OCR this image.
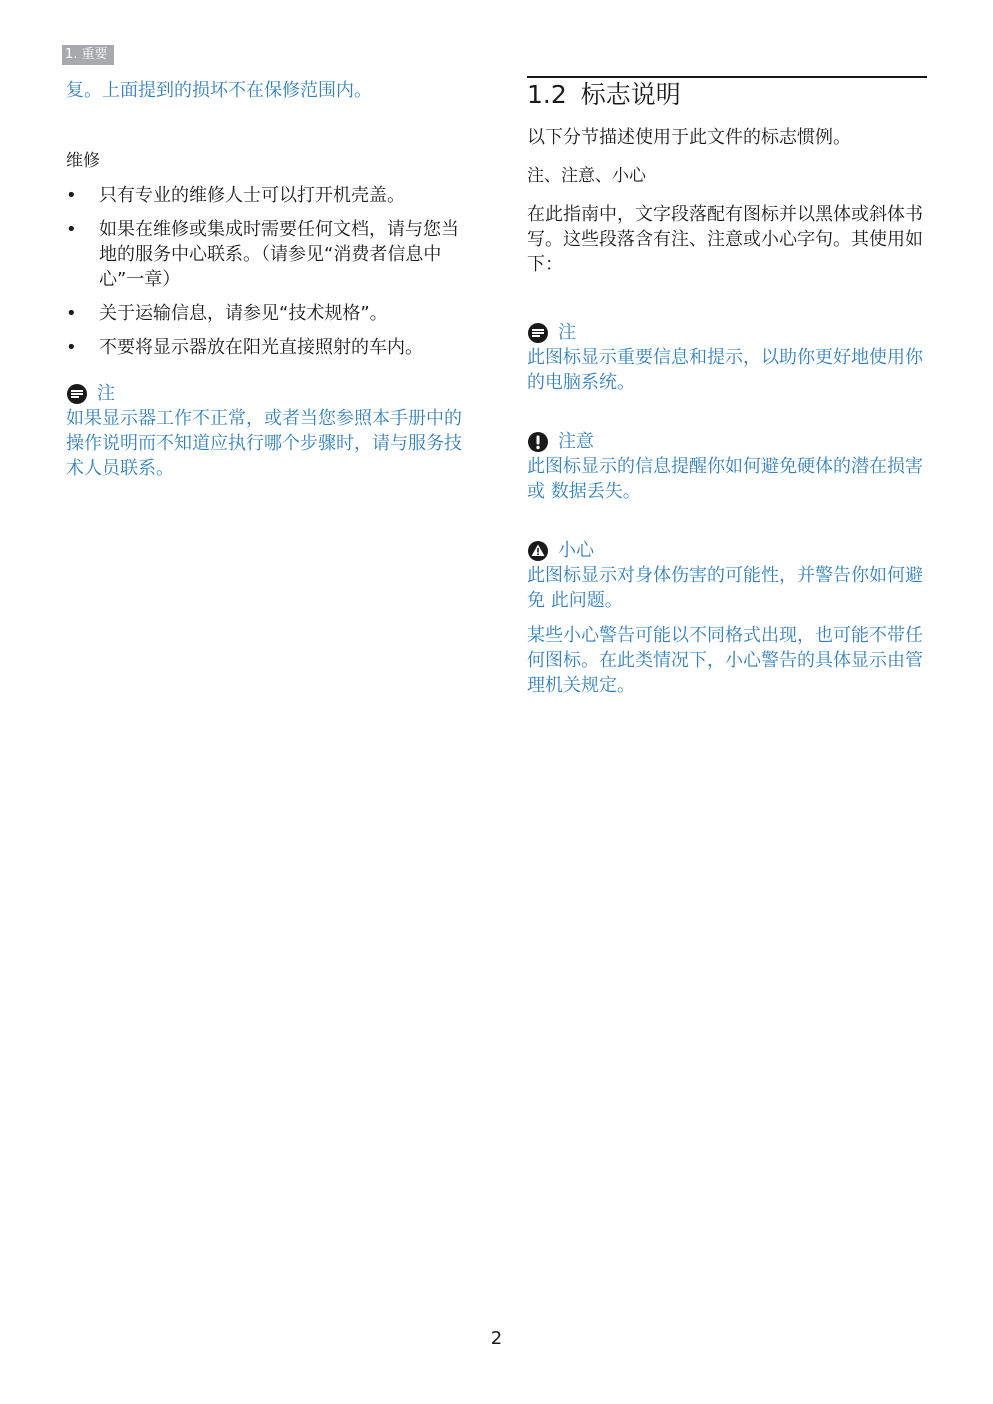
1. 重要

复。上面提到的损坏不在保修范围内。

维修

• 只有专业的维修人士可以打开机壳盖。
• 如果在维修或集成时需要任何文档，请与您当地的服务中心联系。（请参见“消费者信息中心”一章）
• 关于运输信息，请参见“技术规格”。
• 不要将显示器放在阳光直接照射的车内。
注

如果显示器工作不正常，或者当您参照本手册中的操作说明而不知道应执行哪个步骤时，请与服务技术人员联系。

1.2 标志说明

以下分节描述使用于此文件的标志惯例。

注、注意、小心

在此指南中，文字段落配有图标并以黑体或斜体书写。这些段落含有注、注意或小心字句。其使用如下：

注

此图标显示重要信息和提示，以助你更好地使用你 的电脑系统。

注意

此图标显示的信息提醒你如何避免硬体的潜在损害或 数据丢失。

小心

此图标显示对身体伤害的可能性，并警告你如何避免 此问题。

某些小心警告可能以不同格式出现，也可能不带任何图标。在此类情况下，小心警告的具体显示由管理机关规定。

2
